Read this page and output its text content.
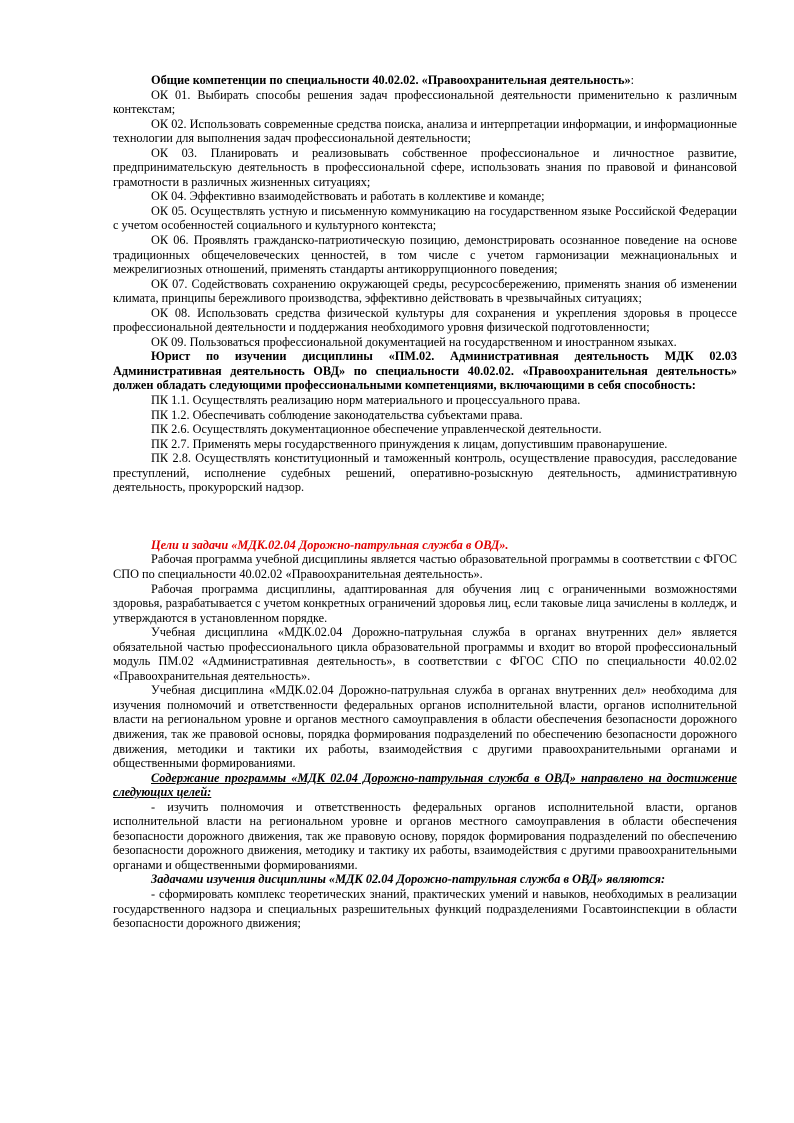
Общие компетенции по специальности 40.02.02. «Правоохранительная деятельность»:

ОК 01. Выбирать способы решения задач профессиональной деятельности применительно к различным контекстам;

ОК 02. Использовать современные средства поиска, анализа и интерпретации информации, и информационные технологии для выполнения задач профессиональной деятельности;

ОК 03. Планировать и реализовывать собственное профессиональное и личностное развитие, предпринимательскую деятельность в профессиональной сфере, использовать знания по правовой и финансовой грамотности в различных жизненных ситуациях;

ОК 04. Эффективно взаимодействовать и работать в коллективе и команде;

ОК 05. Осуществлять устную и письменную коммуникацию на государственном языке Российской Федерации с учетом особенностей социального и культурного контекста;

ОК 06. Проявлять гражданско-патриотическую позицию, демонстрировать осознанное поведение на основе традиционных общечеловеческих ценностей, в том числе с учетом гармонизации межнациональных и межрелигиозных отношений, применять стандарты антикоррупционного поведения;

ОК 07. Содействовать сохранению окружающей среды, ресурсосбережению, применять знания об изменении климата, принципы бережливого производства, эффективно действовать в чрезвычайных ситуациях;

ОК 08. Использовать средства физической культуры для сохранения и укрепления здоровья в процессе профессиональной деятельности и поддержания необходимого уровня физической подготовленности;

ОК 09. Пользоваться профессиональной документацией на государственном и иностранном языках.

Юрист по изучении дисциплины «ПМ.02. Административная деятельность МДК 02.03 Административная деятельность ОВД» по специальности 40.02.02. «Правоохранительная деятельность» должен обладать следующими профессиональными компетенциями, включающими в себя способность:

ПК 1.1. Осуществлять реализацию норм материального и процессуального права.

ПК 1.2. Обеспечивать соблюдение законодательства субъектами права.

ПК 2.6. Осуществлять документационное обеспечение управленческой деятельности.

ПК 2.7. Применять меры государственного принуждения к лицам, допустившим правонарушение.

ПК 2.8. Осуществлять конституционный и таможенный контроль, осуществление правосудия, расследование преступлений, исполнение судебных решений, оперативно-розыскную деятельность, административную деятельность, прокурорский надзор.

Цели и задачи «МДК.02.04 Дорожно-патрульная служба в ОВД».

Рабочая программа учебной дисциплины является частью образовательной программы в соответствии с ФГОС СПО по специальности 40.02.02 «Правоохранительная деятельность».

Рабочая программа дисциплины, адаптированная для обучения лиц с ограниченными возможностями здоровья, разрабатывается с учетом конкретных ограничений здоровья лиц, если таковые лица зачислены в колледж, и утверждаются в установленном порядке.

Учебная дисциплина «МДК.02.04 Дорожно-патрульная служба в органах внутренних дел» является обязательной частью профессионального цикла образовательной программы и входит во второй профессиональный модуль ПМ.02 «Административная деятельность», в соответствии с ФГОС СПО по специальности 40.02.02 «Правоохранительная деятельность».

Учебная дисциплина «МДК.02.04 Дорожно-патрульная служба в органах внутренних дел» необходима для изучения полномочий и ответственности федеральных органов исполнительной власти, органов исполнительной власти на региональном уровне и органов местного самоуправления в области обеспечения безопасности дорожного движения, так же правовой основы, порядка формирования подразделений по обеспечению безопасности дорожного движения, методики и тактики их работы, взаимодействия с другими правоохранительными органами и общественными формированиями.

Содержание программы «МДК 02.04 Дорожно-патрульная служба в ОВД» направлено на достижение следующих целей:

- изучить полномочия и ответственность федеральных органов исполнительной власти, органов исполнительной власти на региональном уровне и органов местного самоуправления в области обеспечения безопасности дорожного движения, так же правовую основу, порядок формирования подразделений по обеспечению безопасности дорожного движения, методику и тактику их работы, взаимодействия с другими правоохранительными органами и общественными формированиями.

Задачами изучения дисциплины «МДК 02.04 Дорожно-патрульная служба в ОВД» являются:

- сформировать комплекс теоретических знаний, практических умений и навыков, необходимых в реализации государственного надзора и специальных разрешительных функций подразделениями Госавтоинспекции в области безопасности дорожного движения;
